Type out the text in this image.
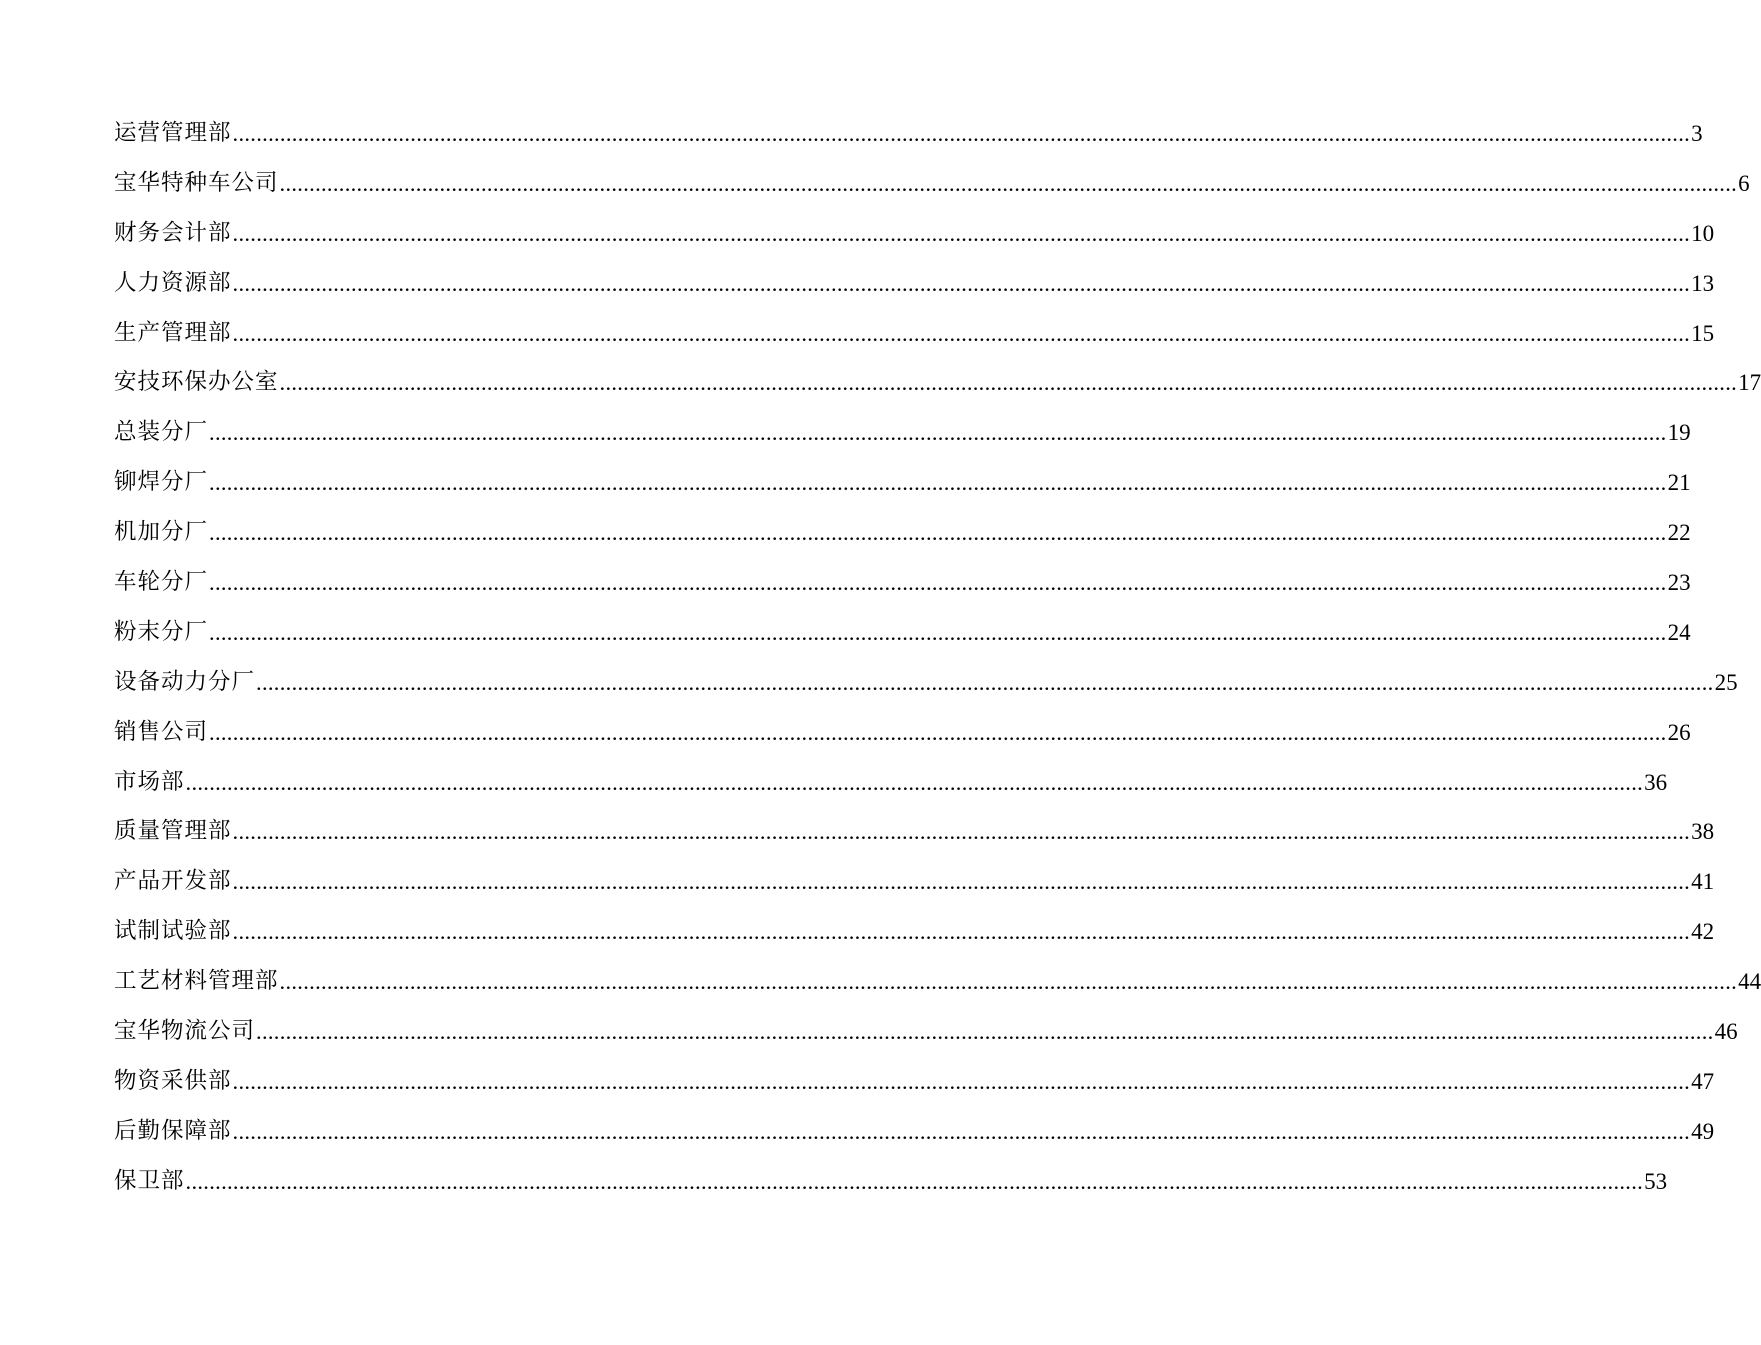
运营管理部 ...................................................................................................................................................................................................................................................... 3
宝华特种车公司 ...................................................................................................................................................................................................................................................... 6
财务会计部 ...................................................................................................................................................................................................................................................... 10
人力资源部 ...................................................................................................................................................................................................................................................... 13
生产管理部 ...................................................................................................................................................................................................................................................... 15
安技环保办公室 ...................................................................................................................................................................................................................................................... 17
总装分厂 ...................................................................................................................................................................................................................................................... 19
铆焊分厂 ...................................................................................................................................................................................................................................................... 21
机加分厂 ...................................................................................................................................................................................................................................................... 22
车轮分厂 ...................................................................................................................................................................................................................................................... 23
粉末分厂 ...................................................................................................................................................................................................................................................... 24
设备动力分厂 ...................................................................................................................................................................................................................................................... 25
销售公司 ...................................................................................................................................................................................................................................................... 26
市场部 ...................................................................................................................................................................................................................................................... 36
质量管理部 ...................................................................................................................................................................................................................................................... 38
产品开发部 ...................................................................................................................................................................................................................................................... 41
试制试验部 ...................................................................................................................................................................................................................................................... 42
工艺材料管理部 ...................................................................................................................................................................................................................................................... 44
宝华物流公司 ...................................................................................................................................................................................................................................................... 46
物资采供部 ...................................................................................................................................................................................................................................................... 47
后勤保障部 ...................................................................................................................................................................................................................................................... 49
保卫部 ...................................................................................................................................................................................................................................................... 53
